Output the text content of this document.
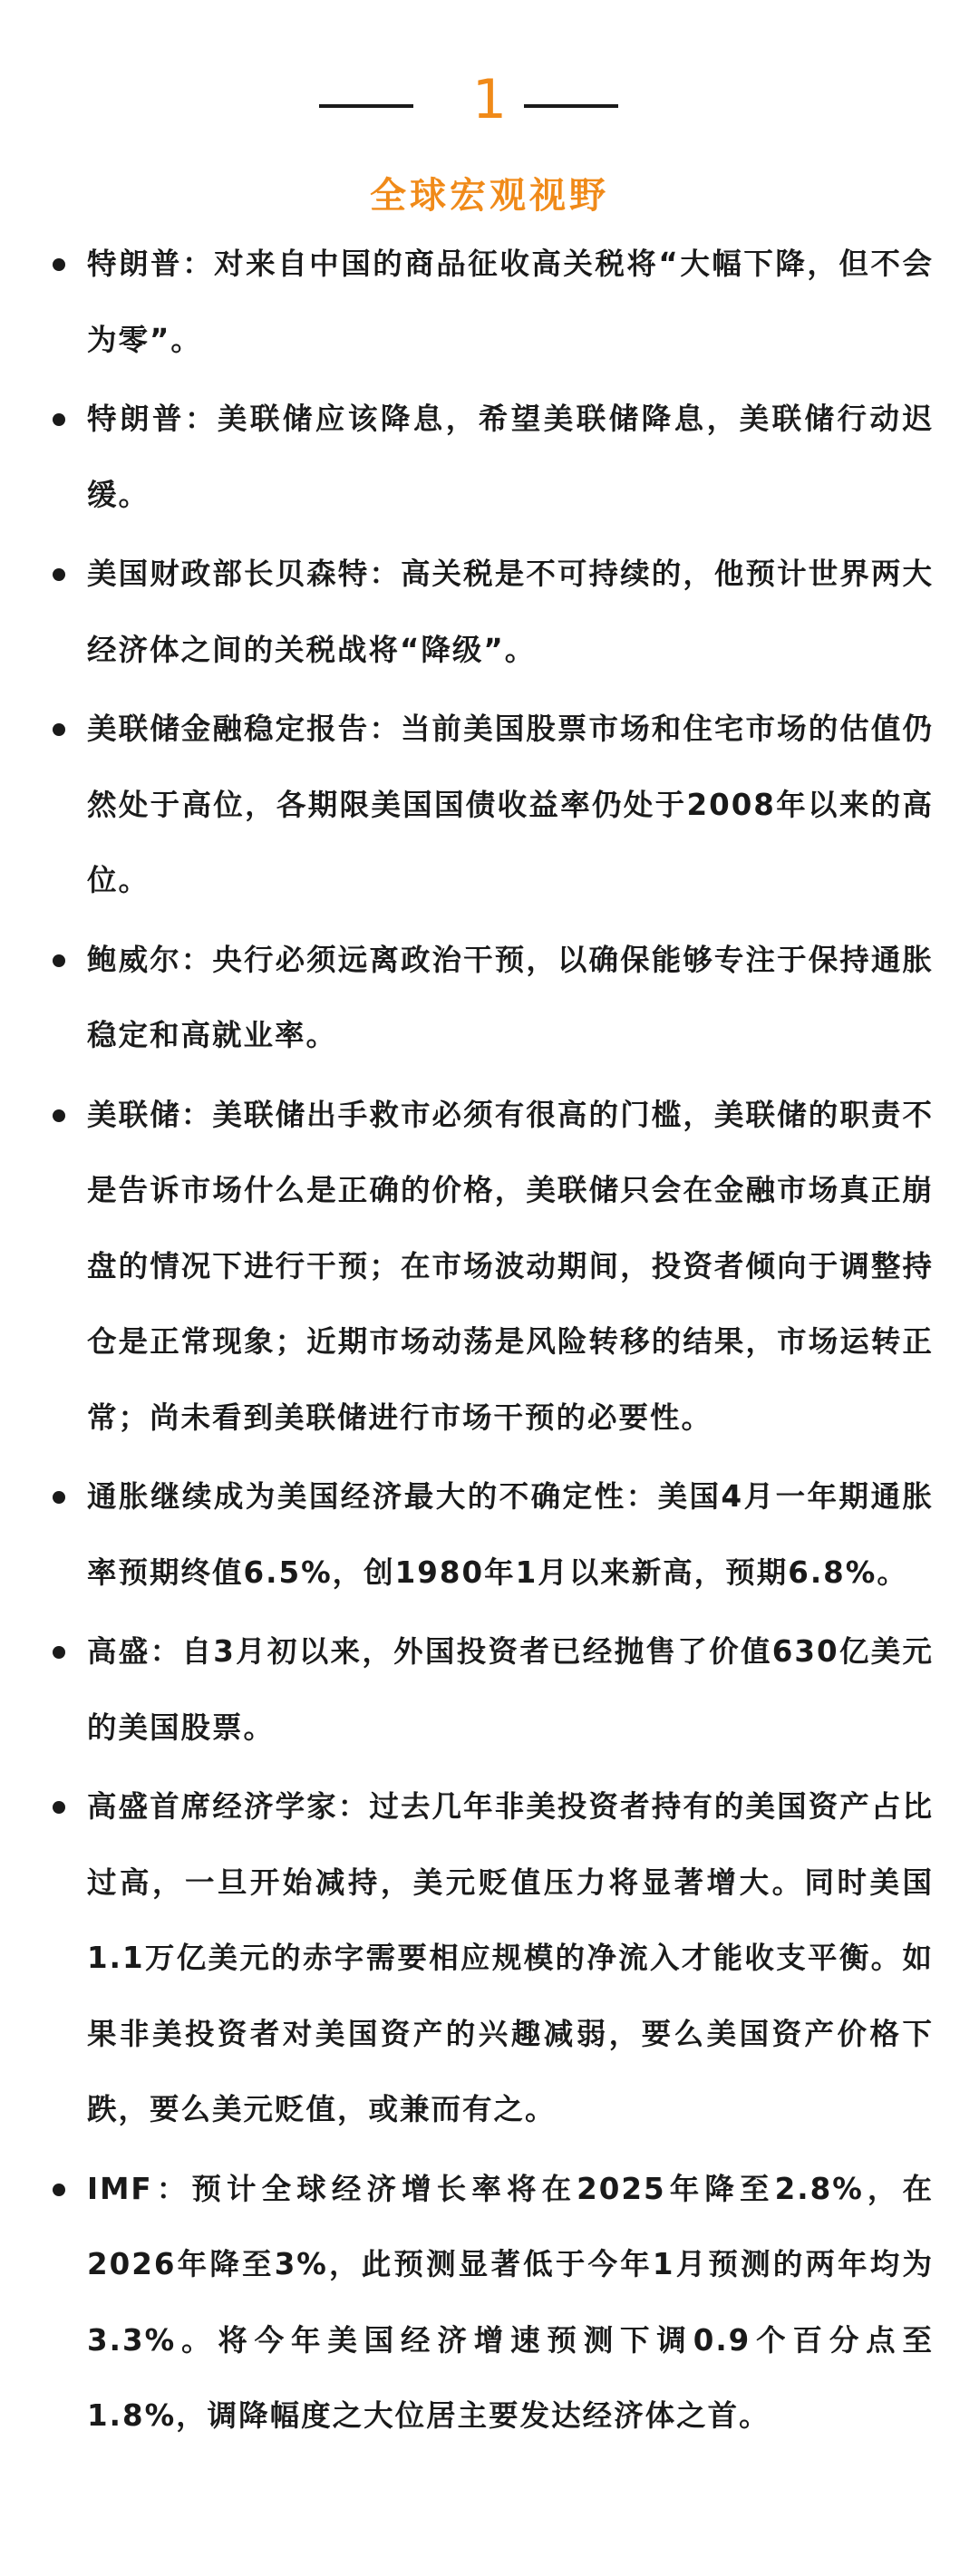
1
全球宏观视野
特朗普：对来自中国的商品征收高关税将“大幅下降，但不会为零”。
特朗普：美联储应该降息，希望美联储降息，美联储行动迟缓。
美国财政部长贝森特：高关税是不可持续的，他预计世界两大经济体之间的关税战将“降级”。
美联储金融稳定报告：当前美国股票市场和住宅市场的估值仍然处于高位，各期限美国国债收益率仍处于2008年以来的高位。
鲍威尔：央行必须远离政治干预，以确保能够专注于保持通胀稳定和高就业率。
美联储：美联储出手救市必须有很高的门槛，美联储的职责不是告诉市场什么是正确的价格，美联储只会在金融市场真正崩盘的情况下进行干预；在市场波动期间，投资者倾向于调整持仓是正常现象；近期市场动荡是风险转移的结果，市场运转正常；尚未看到美联储进行市场干预的必要性。
通胀继续成为美国经济最大的不确定性：美国4月一年期通胀率预期终值6.5%，创1980年1月以来新高，预期6.8%。
高盛：自3月初以来，外国投资者已经抛售了价值630亿美元的美国股票。
高盛首席经济学家：过去几年非美投资者持有的美国资产占比过高，一旦开始减持，美元贬值压力将显著增大。同时美国1.1万亿美元的赤字需要相应规模的净流入才能收支平衡。如果非美投资者对美国资产的兴趣减弱，要么美国资产价格下跌，要么美元贬值，或兼而有之。
IMF：预计全球经济增长率将在2025年降至2.8%，在2026年降至3%，此预测显著低于今年1月预测的两年均为3.3%。将今年美国经济增速预测下调0.9个百分点至1.8%，调降幅度之大位居主要发达经济体之首。
